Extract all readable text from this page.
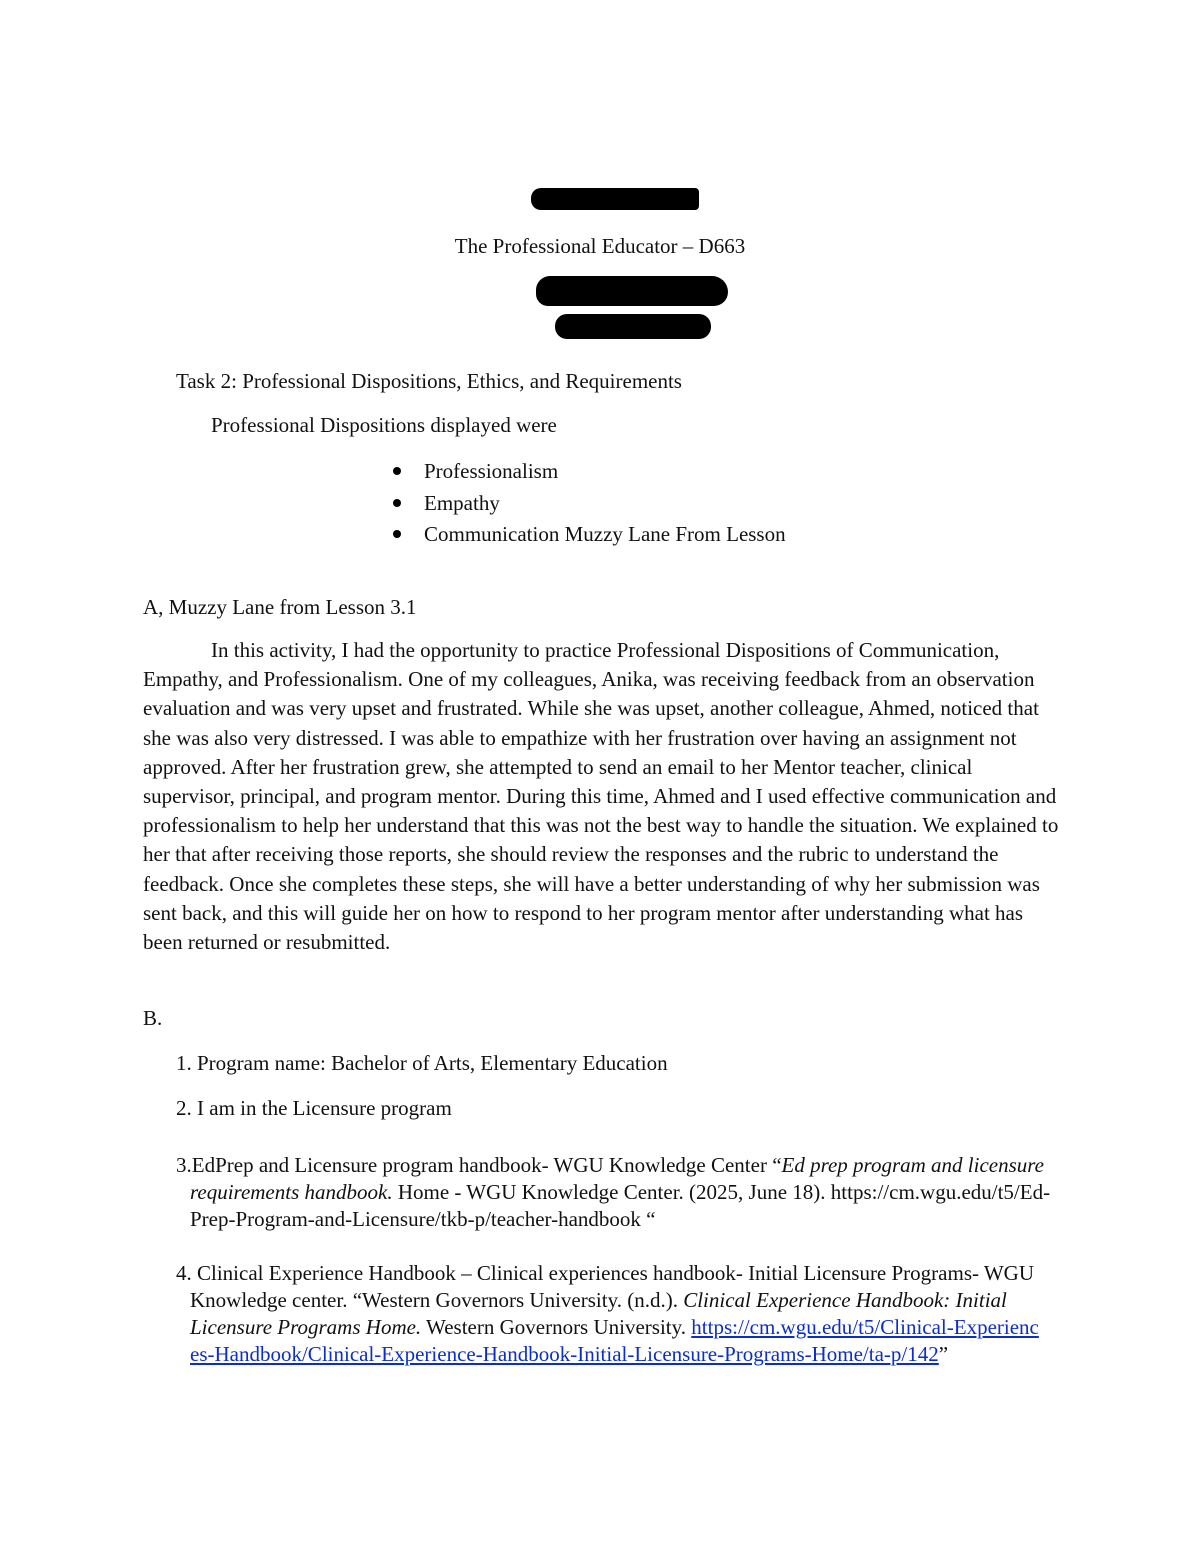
The Professional Educator – D663
Task 2: Professional Dispositions, Ethics, and Requirements
Professional Dispositions displayed were
Professionalism
Empathy
Communication Muzzy Lane From Lesson
A, Muzzy Lane from Lesson 3.1

In this activity, I had the opportunity to practice Professional Dispositions of Communication, Empathy, and Professionalism. One of my colleagues, Anika, was receiving feedback from an observation evaluation and was very upset and frustrated. While she was upset, another colleague, Ahmed, noticed that she was also very distressed. I was able to empathize with her frustration over having an assignment not approved. After her frustration grew, she attempted to send an email to her Mentor teacher, clinical supervisor, principal, and program mentor. During this time, Ahmed and I used effective communication and professionalism to help her understand that this was not the best way to handle the situation. We explained to her that after receiving those reports, she should review the responses and the rubric to understand the feedback. Once she completes these steps, she will have a better understanding of why her submission was sent back, and this will guide her on how to respond to her program mentor after understanding what has been returned or resubmitted.

B.
1. Program name: Bachelor of Arts, Elementary Education
2. I am in the Licensure program
3.EdPrep and Licensure program handbook- WGU Knowledge Center “Ed prep program and licensure requirements handbook. Home - WGU Knowledge Center. (2025, June 18). https://cm.wgu.edu/t5/Ed-Prep-Program-and-Licensure/tkb-p/teacher-handbook “
4. Clinical Experience Handbook – Clinical experiences handbook- Initial Licensure Programs- WGU Knowledge center. “Western Governors University. (n.d.). Clinical Experience Handbook: Initial Licensure Programs Home. Western Governors University. https://cm.wgu.edu/t5/Clinical-Experiences-Handbook/Clinical-Experience-Handbook-Initial-Licensure-Programs-Home/ta-p/142”
